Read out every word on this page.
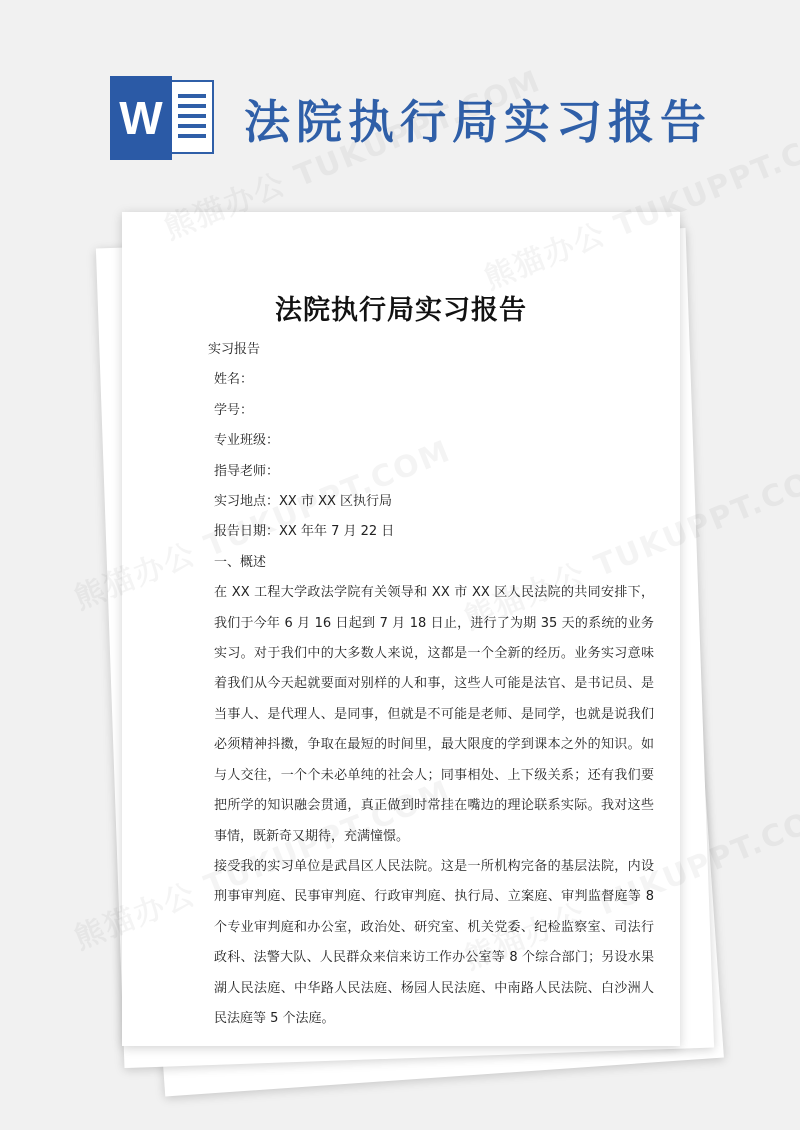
W 法院执行局实习报告
法院执行局实习报告

实习报告

姓名：

学号：

专业班级：

指导老师：

实习地点：XX 市 XX 区执行局

报告日期：XX 年年 7 月 22 日

一、概述

在 XX 工程大学政法学院有关领导和 XX 市 XX 区人民法院的共同安排下，我们于今年 6 月 16 日起到 7 月 18 日止，进行了为期 35 天的系统的业务实习。对于我们中的大多数人来说，这都是一个全新的经历。业务实习意味着我们从今天起就要面对别样的人和事，这些人可能是法官、是书记员、是当事人、是代理人、是同事，但就是不可能是老师、是同学，也就是说我们必须精神抖擞，争取在最短的时间里，最大限度的学到课本之外的知识。如与人交往，一个个未必单纯的社会人；同事相处、上下级关系；还有我们要把所学的知识融会贯通，真正做到时常挂在嘴边的理论联系实际。我对这些事情，既新奇又期待，充满憧憬。

接受我的实习单位是武昌区人民法院。这是一所机构完备的基层法院，内设刑事审判庭、民事审判庭、行政审判庭、执行局、立案庭、审判监督庭等 8 个专业审判庭和办公室，政治处、研究室、机关党委、纪检监察室、司法行政科、法警大队、人民群众来信来访工作办公室等 8 个综合部门；另设水果湖人民法庭、中华路人民法庭、杨园人民法庭、中南路人民法院、白沙洲人民法庭等 5 个法庭。
